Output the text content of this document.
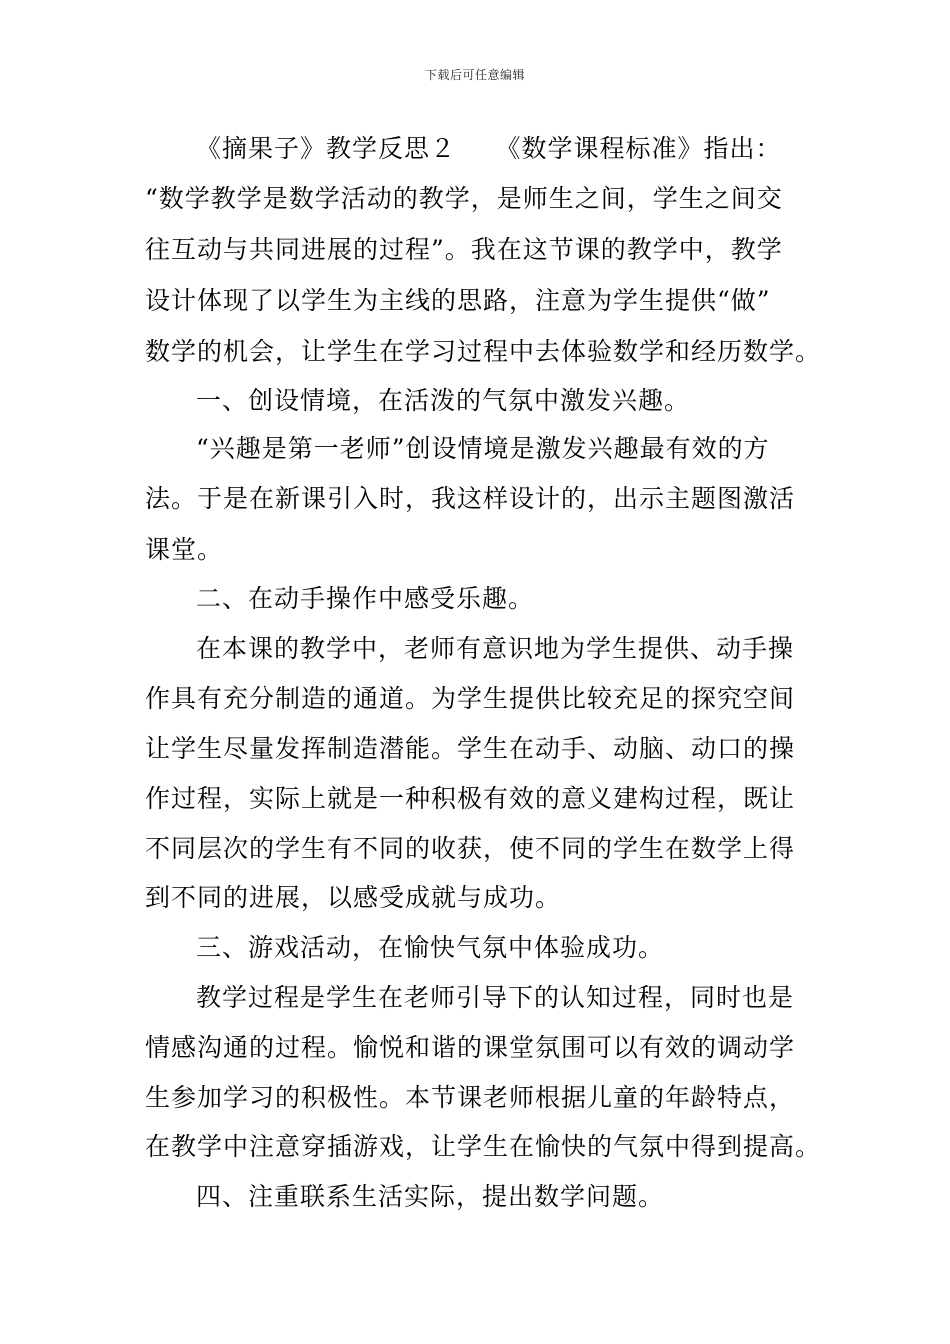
下载后可任意编辑
《摘果子》教学反思２　　《数学课程标准》指出：
“数学教学是数学活动的教学，是师生之间，学生之间交
往互动与共同进展的过程”。我在这节课的教学中，教学
设计体现了以学生为主线的思路，注意为学生提供“做”
数学的机会，让学生在学习过程中去体验数学和经历数学。
一、创设情境，在活泼的气氛中激发兴趣。
“兴趣是第一老师”创设情境是激发兴趣最有效的方
法。于是在新课引入时，我这样设计的，出示主题图激活
课堂。
二、在动手操作中感受乐趣。
在本课的教学中，老师有意识地为学生提供、动手操
作具有充分制造的通道。为学生提供比较充足的探究空间
让学生尽量发挥制造潜能。学生在动手、动脑、动口的操
作过程，实际上就是一种积极有效的意义建构过程，既让
不同层次的学生有不同的收获，使不同的学生在数学上得
到不同的进展，以感受成就与成功。
三、游戏活动，在愉快气氛中体验成功。
教学过程是学生在老师引导下的认知过程，同时也是
情感沟通的过程。愉悦和谐的课堂氛围可以有效的调动学
生参加学习的积极性。本节课老师根据儿童的年龄特点，
在教学中注意穿插游戏，让学生在愉快的气氛中得到提高。
四、注重联系生活实际，提出数学问题。
